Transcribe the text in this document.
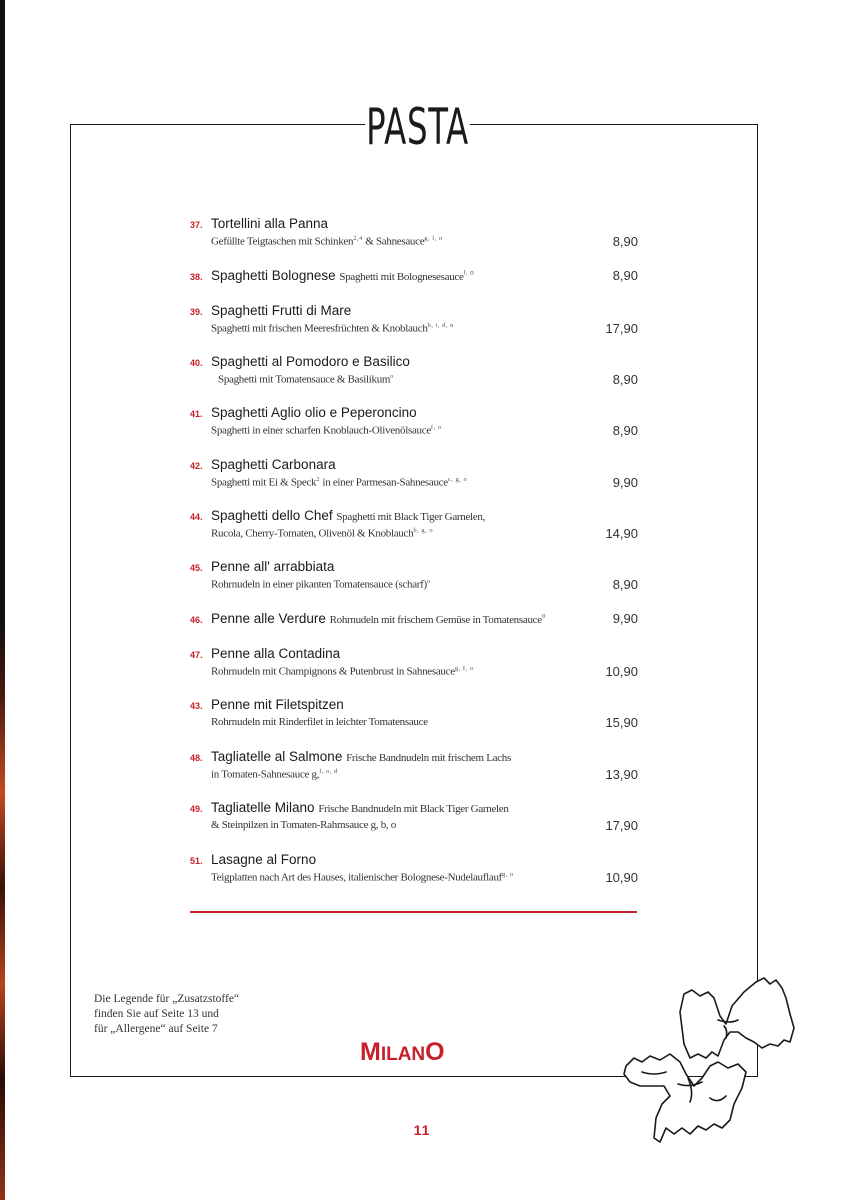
PASTA
37. Tortellini alla Panna
Gefüllte Teigtaschen mit Schinken$^{2,4}$ & Sahnesauce$^{g, l, o}$	8,90
38. Spaghetti Bolognese Spaghetti mit Bolognesesauce$^{l, o}$	8,90
39. Spaghetti Frutti di Mare
Spaghetti mit frischen Meeresfrüchten & Knoblauch$^{b, i, d, n}$	17,90
40. Spaghetti al Pomodoro e Basilico
Spaghetti mit Tomatensauce & Basilikum$^o$	8,90
41. Spaghetti Aglio olio e Peperoncino
Spaghetti in einer scharfen Knoblauch-Olivenölsauce$^{f, o}$	8,90
42. Spaghetti Carbonara
Spaghetti mit Ei & Speck$^2$ in einer Parmesan-Sahnesauce$^{c, g, o}$	9,90
44. Spaghetti dello Chef Spaghetti mit Black Tiger Garnelen,
Rucola, Cherry-Tomaten, Olivenöl & Knoblauch$^{b, g, o}$	14,90
45. Penne all' arrabbiata
Rohrnudeln in einer pikanten Tomatensauce (scharf)$^o$	8,90
46. Penne alle Verdure Rohrnudeln mit frischem Gemüse in Tomatensauce$^o$	9,90
47. Penne alla Contadina
Rohrnudeln mit Champignons & Putenbrust in Sahnesauce$^{g, f, o}$	10,90
43. Penne mit Filetspitzen
Rohrnudeln mit Rinderfilet in leichter Tomatensauce	15,90
48. Tagliatelle al Salmone Frische Bandnudeln mit frischem Lachs
in Tomaten-Sahnesauce g,$^{f, o, d}$	13,90
49. Tagliatelle Milano Frische Bandnudeln mit Black Tiger Garnelen
& Steinpilzen in Tomaten-Rahmsauce g, b, o	17,90
51. Lasagne al Forno
Teigplatten nach Art des Hauses, italienischer Bolognese-Nudelauflauf$^{g, o}$	10,90
Die Legende für „Zusatzstoffe“
finden Sie auf Seite 13 und
für „Allergene“ auf Seite 7
MILANO
11
